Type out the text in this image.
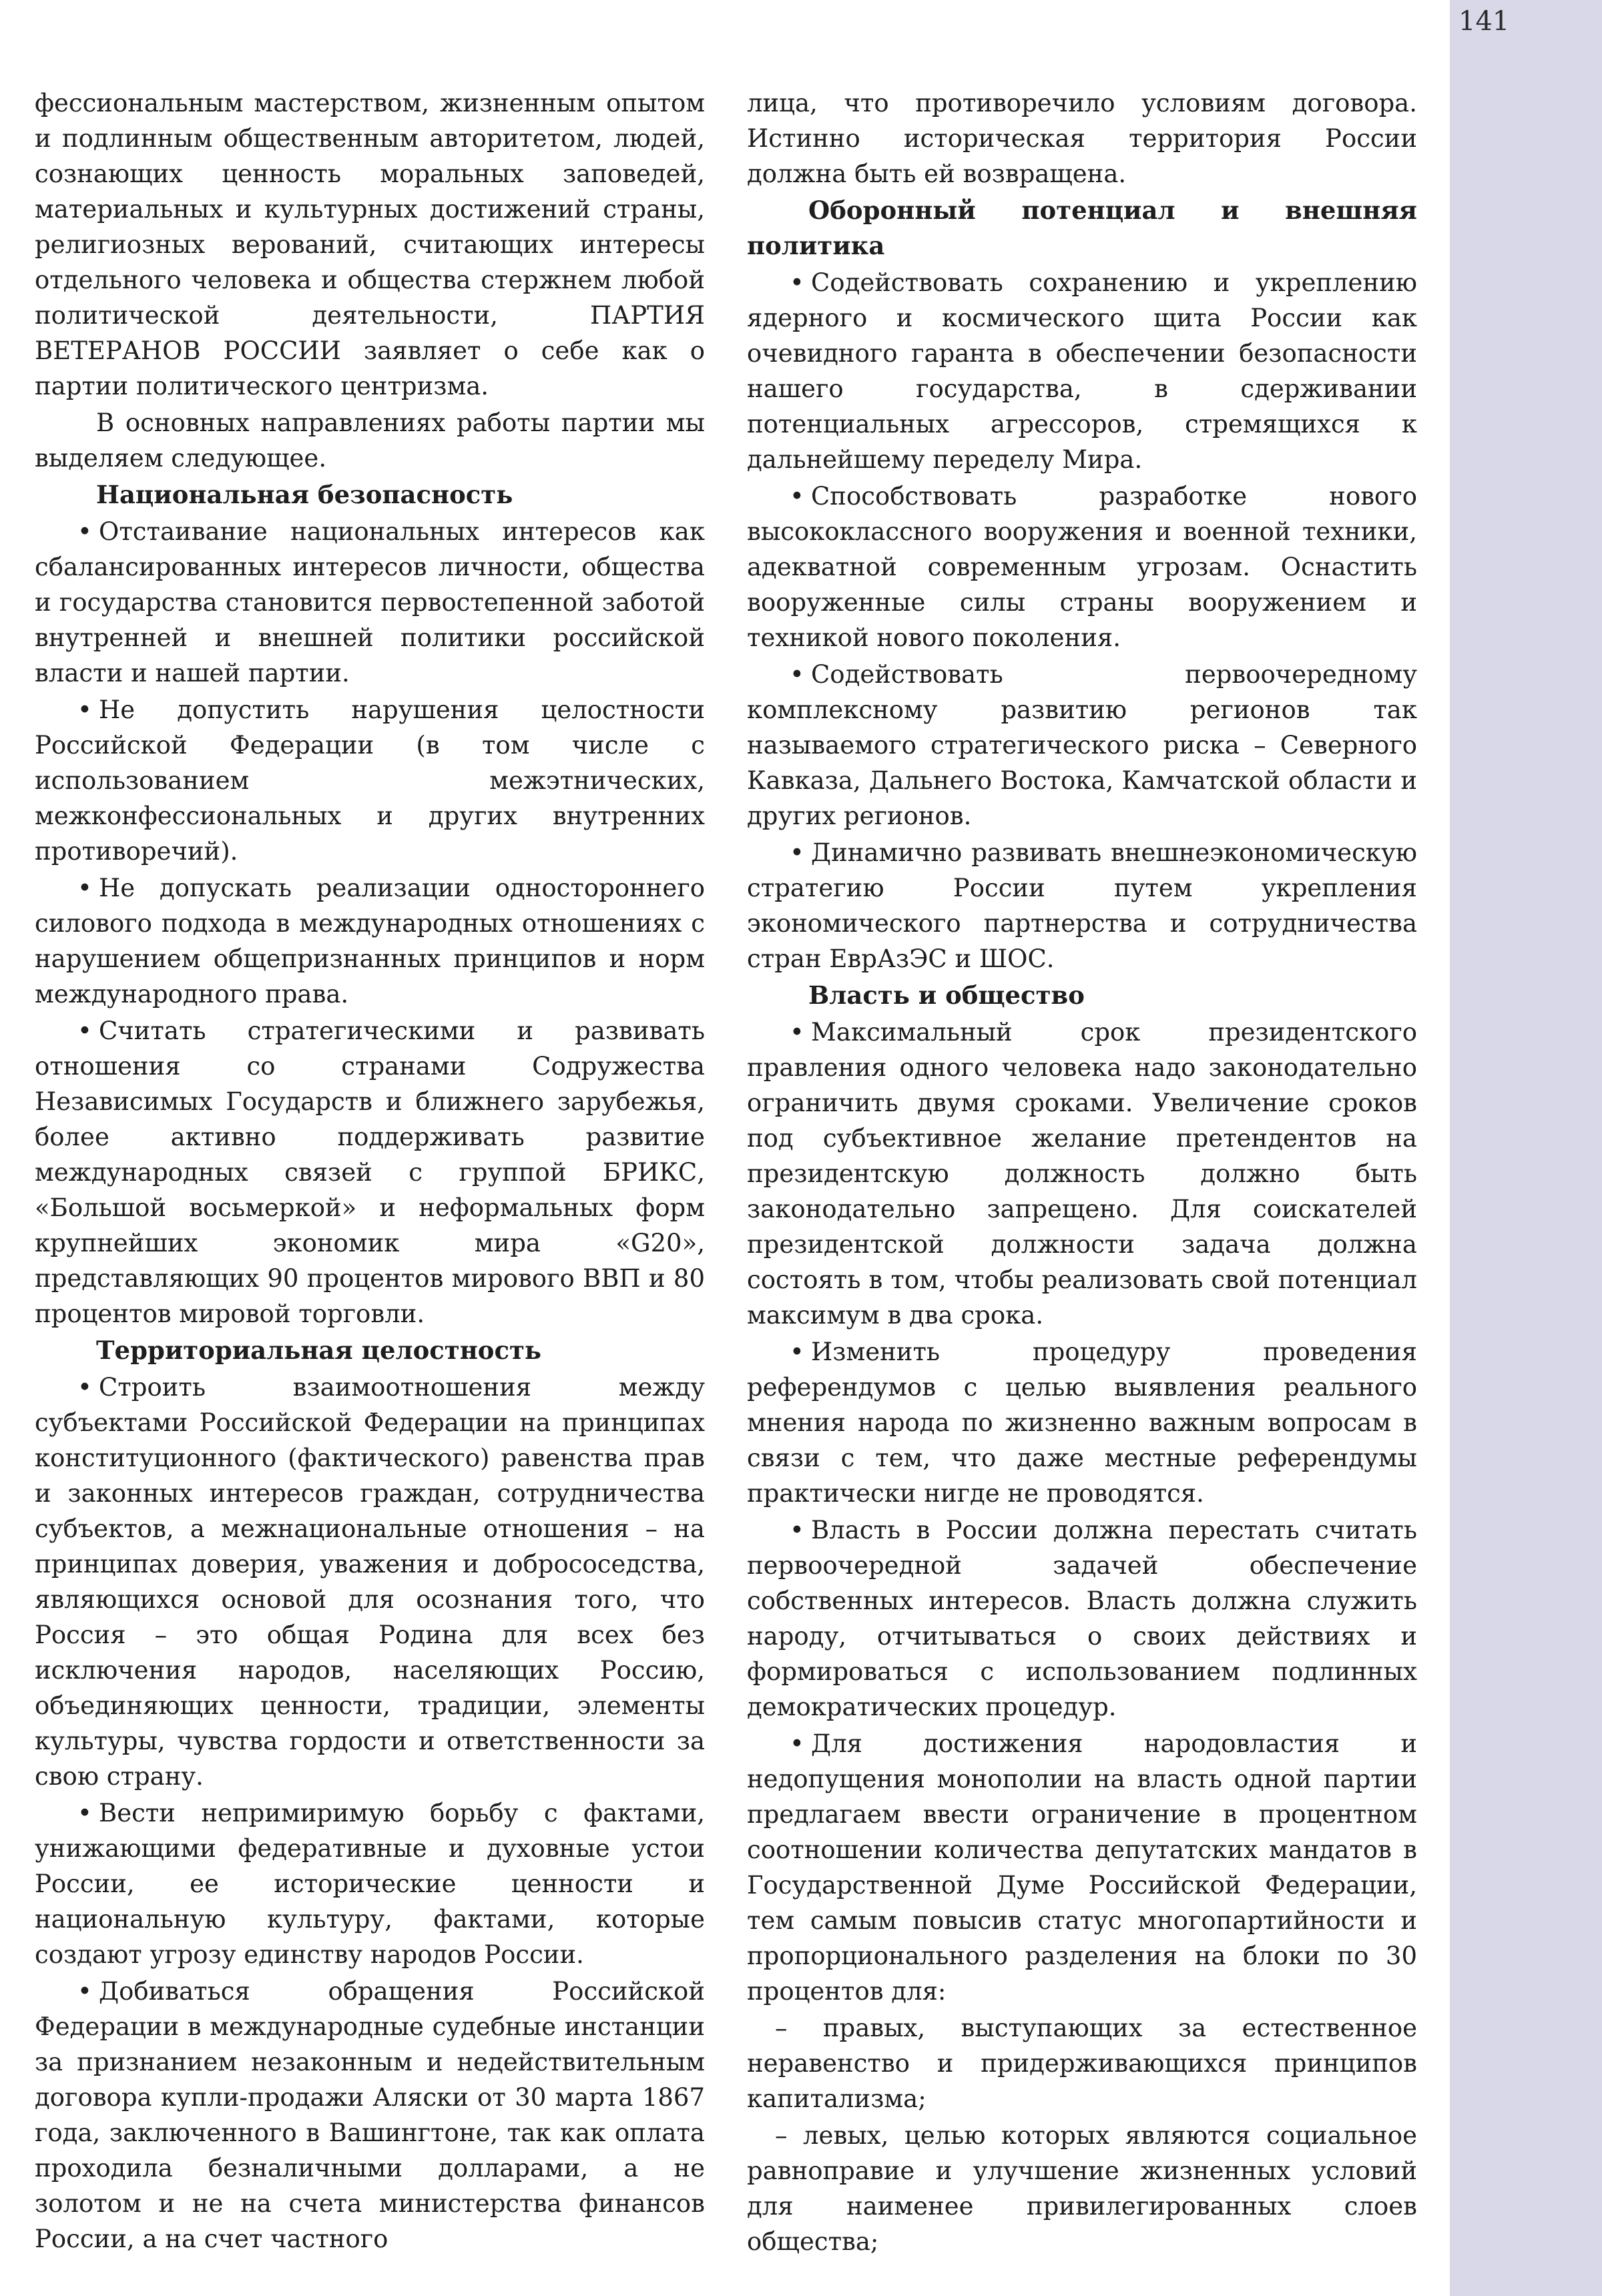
141

фессиональным мастерством, жизненным опытом и подлинным общественным авторитетом, людей, сознающих ценность моральных заповедей, материальных и культурных достижений страны, религиозных верований, считающих интересы отдельного человека и общества стержнем любой политической деятельности, ПАРТИЯ ВЕТЕРАНОВ РОССИИ заявляет о себе как о партии политического центризма.

В основных направлениях работы партии мы выделяем следующее.

Национальная безопасность

• Отстаивание национальных интересов как сбалансированных интересов личности, общества и государства становится первостепенной заботой внутренней и внешней политики российской власти и нашей партии.

• Не допустить нарушения целостности Российской Федерации (в том числе с использованием межэтнических, межконфессиональных и других внутренних противоречий).

• Не допускать реализации одностороннего силового подхода в международных отношениях с нарушением общепризнанных принципов и норм международного права.

• Считать стратегическими и развивать отношения со странами Содружества Независимых Государств и ближнего зарубежья, более активно поддерживать развитие международных связей с группой БРИКС, «Большой восьмеркой» и неформальных форм крупнейших экономик мира «G20», представляющих 90 процентов мирового ВВП и 80 процентов мировой торговли.

Территориальная целостность

• Строить взаимоотношения между субъектами Российской Федерации на принципах конституционного (фактического) равенства прав и законных интересов граждан, сотрудничества субъектов, а межнациональные отношения – на принципах доверия, уважения и добрососедства, являющихся основой для осознания того, что Россия – это общая Родина для всех без исключения народов, населяющих Россию, объединяющих ценности, традиции, элементы культуры, чувства гордости и ответственности за свою страну.

• Вести непримиримую борьбу с фактами, унижающими федеративные и духовные устои России, ее исторические ценности и национальную культуру, фактами, которые создают угрозу единству народов России.

• Добиваться обращения Российской Федерации в международные судебные инстанции за признанием незаконным и недействительным договора купли-продажи Аляски от 30 марта 1867 года, заключенного в Вашингтоне, так как оплата проходила безналичными долларами, а не золотом и не на счета министерства финансов России, а на счет частного

лица, что противоречило условиям договора. Истинно историческая территория России должна быть ей возвращена.

Оборонный потенциал и внешняя политика

• Содействовать сохранению и укреплению ядерного и космического щита России как очевидного гаранта в обеспечении безопасности нашего государства, в сдерживании потенциальных агрессоров, стремящихся к дальнейшему переделу Мира.

• Способствовать разработке нового высококлассного вооружения и военной техники, адекватной современным угрозам. Оснастить вооруженные силы страны вооружением и техникой нового поколения.

• Содействовать первоочередному комплексному развитию регионов так называемого стратегического риска – Северного Кавказа, Дальнего Востока, Камчатской области и других регионов.

• Динамично развивать внешнеэкономическую стратегию России путем укрепления экономического партнерства и сотрудничества стран ЕврАзЭС и ШОС.

Власть и общество

• Максимальный срок президентского правления одного человека надо законодательно ограничить двумя сроками. Увеличение сроков под субъективное желание претендентов на президентскую должность должно быть законодательно запрещено. Для соискателей президентской должности задача должна состоять в том, чтобы реализовать свой потенциал максимум в два срока.

• Изменить процедуру проведения референдумов с целью выявления реального мнения народа по жизненно важным вопросам в связи с тем, что даже местные референдумы практически нигде не проводятся.

• Власть в России должна перестать считать первоочередной задачей обеспечение собственных интересов. Власть должна служить народу, отчитываться о своих действиях и формироваться с использованием подлинных демократических процедур.

• Для достижения народовластия и недопущения монополии на власть одной партии предлагаем ввести ограничение в процентном соотношении количества депутатских мандатов в Государственной Думе Российской Федерации, тем самым повысив статус многопартийности и пропорционального разделения на блоки по 30 процентов для:

– правых, выступающих за естественное неравенство и придерживающихся принципов капитализма;

– левых, целью которых являются социальное равноправие и улучшение жизненных условий для наименее привилегированных слоев общества;
